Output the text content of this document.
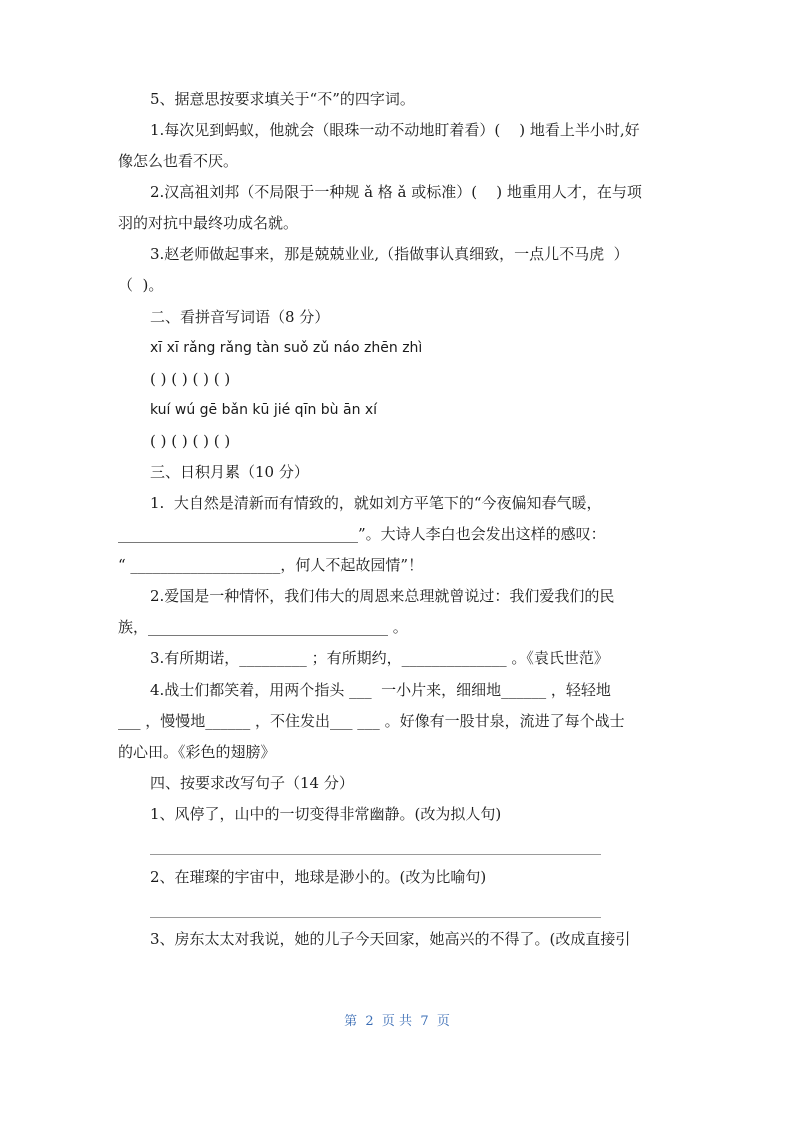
5、据意思按要求填关于“不”的四字词。
1.每次见到蚂蚁，他就会（眼珠一动不动地盯着看）(    ) 地看上半小时,好
像怎么也看不厌。
2.汉高祖刘邦（不局限于一种规 ǎ 格 ǎ 或标准）(    ) 地重用人才，在与项
羽的对抗中最终功成名就。
3.赵老师做起事来，那是兢兢业业,（指做事认真细致，一点儿不马虎  ）
（  )。
二、看拼音写词语（8 分）
xī xī rǎng rǎng tàn suǒ zǔ náo zhēn zhì
( ) ( ) ( ) ( )
kuí wú gē bǎn kū jié qīn bù ān xí
( ) ( ) ( ) ( )
三、日积月累（10 分）
1.  大自然是清新而有情致的，就如刘方平笔下的“今夜偏知春气暖，
________________________________”。大诗人李白也会发出这样的感叹：
“ ____________________，何人不起故园情”！
2.爱国是一种情怀，我们伟大的周恩来总理就曾说过：我们爱我们的民
族，________________________________ 。
3.有所期诺，_________ ；有所期约，______________ 。《袁氏世范》
4.战士们都笑着，用两个指头 ___  一小片来，细细地______ ，轻轻地
___ ，慢慢地______ ，不住发出___ ___ 。好像有一股甘泉，流进了每个战士
的心田。《彩色的翅膀》
四、按要求改写句子（14 分）
1、风停了，山中的一切变得非常幽静。(改为拟人句)
2、在璀璨的宇宙中，地球是渺小的。(改为比喻句)
3、房东太太对我说，她的儿子今天回家，她高兴的不得了。(改成直接引
第  2  页 共  7  页
